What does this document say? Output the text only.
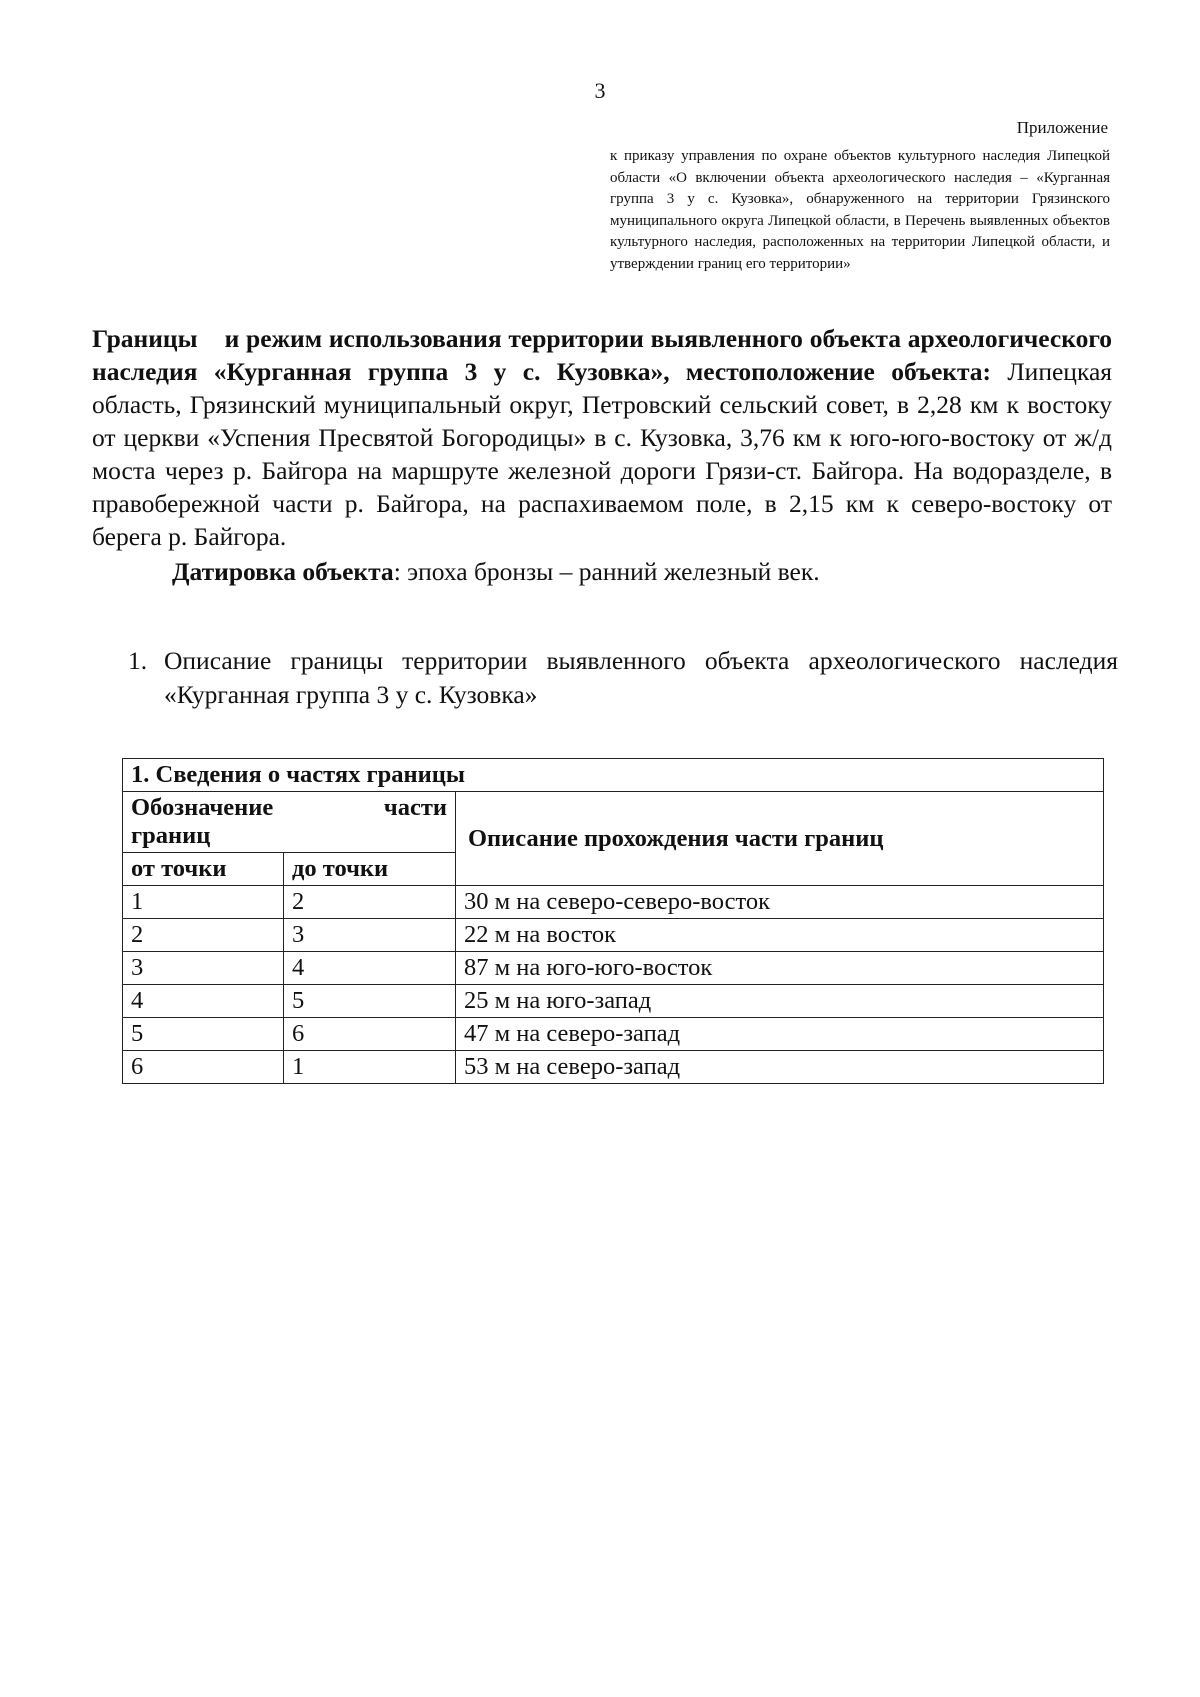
3
Приложение
к приказу управления по охране объектов культурного наследия Липецкой области «О включении объекта археологического наследия – «Курганная группа 3 у с. Кузовка», обнаруженного на территории Грязинского муниципального округа Липецкой области, в Перечень выявленных объектов культурного наследия, расположенных на территории Липецкой области, и утверждении границ его территории»
Границы и режим использования территории выявленного объекта археологического наследия «Курганная группа 3 у с. Кузовка», местоположение объекта: Липецкая область, Грязинский муниципальный округ, Петровский сельский совет, в 2,28 км к востоку от церкви «Успения Пресвятой Богородицы» в с. Кузовка, 3,76 км к юго-юго-востоку от ж/д моста через р. Байгора на маршруте железной дороги Грязи-ст. Байгора. На водоразделе, в правобережной части р. Байгора, на распахиваемом поле, в 2,15 км к северо-востоку от берега р. Байгора.
Датировка объекта: эпоха бронзы – ранний железный век.
1. Описание границы территории выявленного объекта археологического наследия «Курганная группа 3 у с. Кузовка»
1. Сведения о частях границы		

Обозначение части
границ		Описание прохождения части границ
от точки	до точки	
1	2	30 м на северо-северо-восток
2	3	22 м на восток
3	4	87 м на юго-юго-восток
4	5	25 м на юго-запад
5	6	47 м на северо-запад
6	1	53 м на северо-запад
